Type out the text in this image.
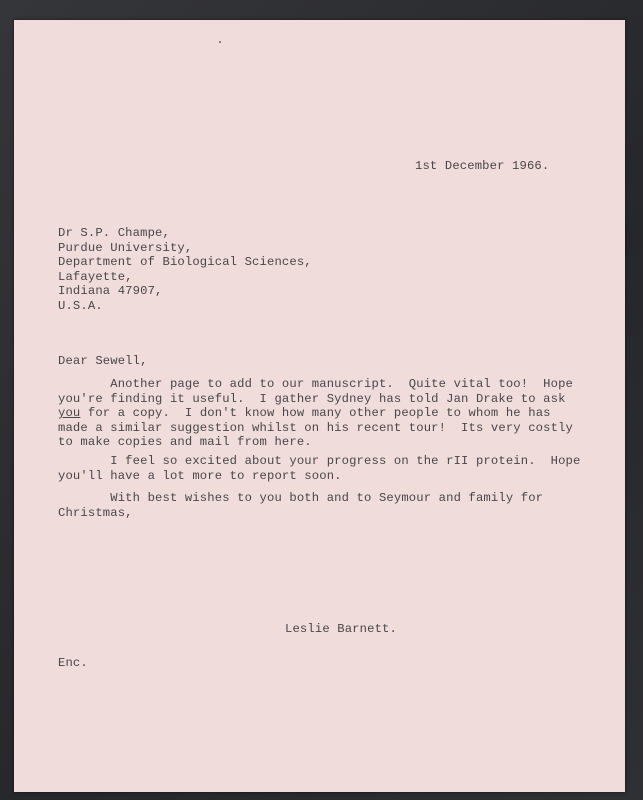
1st December 1966.
Dr S.P. Champe,
Purdue University,
Department of Biological Sciences,
Lafayette,
Indiana 47907,
U.S.A.
Dear Sewell,
Another page to add to our manuscript.  Quite vital too!  Hope
you're finding it useful.  I gather Sydney has told Jan Drake to ask
you for a copy.  I don't know how many other people to whom he has
made a similar suggestion whilst on his recent tour!  Its very costly
to make copies and mail from here.
I feel so excited about your progress on the rII protein.  Hope
you'll have a lot more to report soon.
With best wishes to you both and to Seymour and family for
Christmas,
Leslie Barnett.
Enc.
